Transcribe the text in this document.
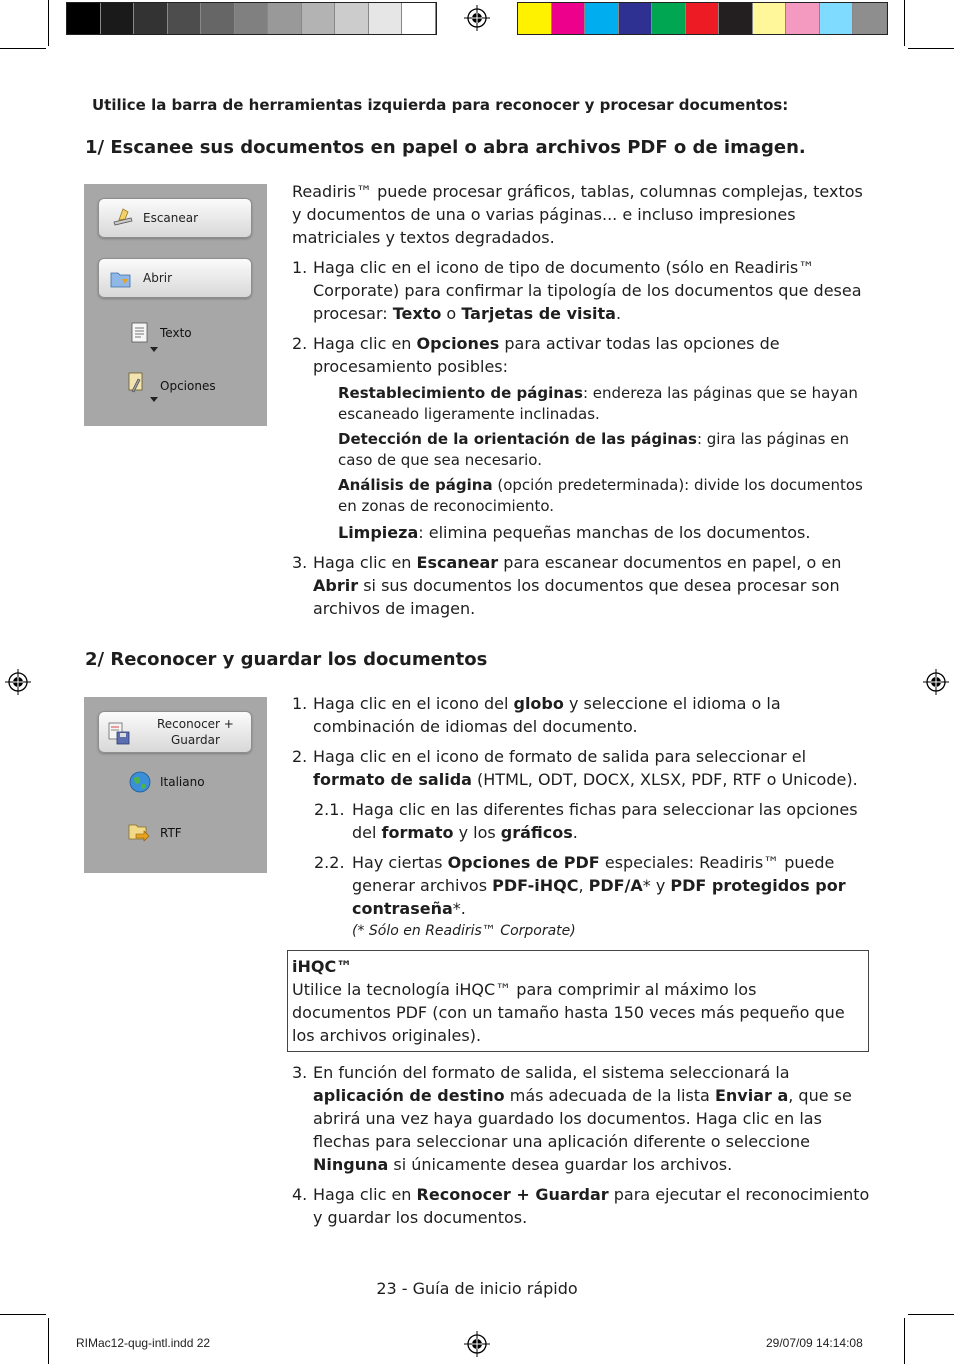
Utilice la barra de herramientas izquierda para reconocer y procesar documentos:
1/ Escanee sus documentos en papel o abra archivos PDF o de imagen.
Escanear
Abrir
Texto
Opciones

Readiris™ puede procesar gráficos, tablas, columnas complejas, textos y documentos de una o varias páginas... e incluso impresiones matriciales y textos degradados.

1. Haga clic en el icono de tipo de documento (sólo en Readiris™ Corporate) para confirmar la tipología de los documentos que desea procesar: Texto o Tarjetas de visita.
2. Haga clic en Opciones para activar todas las opciones de procesamiento posibles:
Restablecimiento de páginas: endereza las páginas que se hayan escaneado ligeramente inclinadas.
Detección de la orientación de las páginas: gira las páginas en caso de que sea necesario.
Análisis de página (opción predeterminada): divide los documentos en zonas de reconocimiento.
Limpieza: elimina pequeñas manchas de los documentos.
3. Haga clic en Escanear para escanear documentos en papel, o en Abrir si sus documentos los documentos que desea procesar son archivos de imagen.
2/ Reconocer y guardar los documentos
Reconocer +
Guardar
Italiano
RTF
1. Haga clic en el icono del globo y seleccione el idioma o la combinación de idiomas del documento.
2. Haga clic en el icono de formato de salida para seleccionar el formato de salida (HTML, ODT, DOCX, XLSX, PDF, RTF o Unicode).
2.1. Haga clic en las diferentes fichas para seleccionar las opciones del formato y los gráficos.
2.2. Hay ciertas Opciones de PDF especiales: Readiris™ puede generar archivos PDF-iHQC, PDF/A* y PDF protegidos por contraseña*.
(* Sólo en Readiris™ Corporate)
iHQC™

Utilice la tecnología iHQC™ para comprimir al máximo los documentos PDF (con un tamaño hasta 150 veces más pequeño que los archivos originales).

3. En función del formato de salida, el sistema seleccionará la aplicación de destino más adecuada de la lista Enviar a, que se abrirá una vez haya guardado los documentos. Haga clic en las flechas para seleccionar una aplicación diferente o seleccione Ninguna si únicamente desea guardar los archivos.
4. Haga clic en Reconocer + Guardar para ejecutar el reconocimiento y guardar los documentos.
23 - Guía de inicio rápido
RIMac12-qug-intl.indd 22	29/07/09 14:14:08
